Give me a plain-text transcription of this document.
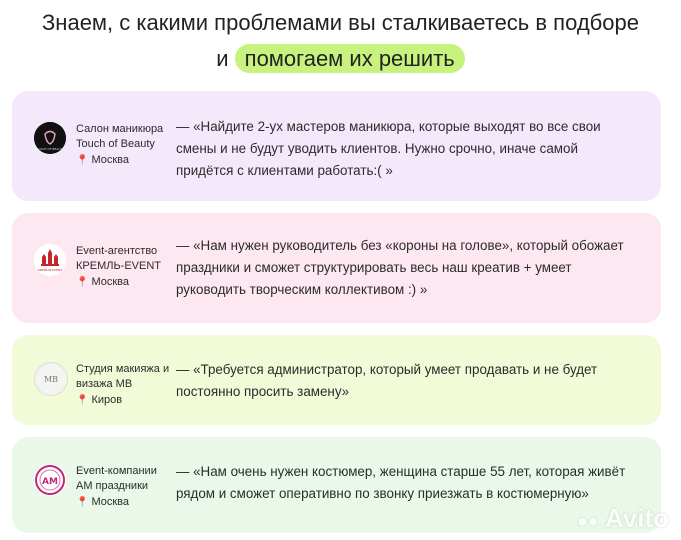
Знаем, с какими проблемами вы сталкиваетесь в подборе
и помогаем их решить
TOUCH OF BEAUTY
Салон маникюра Touch of Beauty
📍 Москва
— «Найдите 2-ух мастеров маникюра, которые выходят во все свои смены и не будут уводить клиентов. Нужно срочно, иначе самой придётся с клиентами работать:( »
KREMLIN EVENT
Event-агентство КРЕМЛЬ-EVENT
📍 Москва
— «Нам нужен руководитель без «короны на голове», который обожает праздники и сможет структурировать весь наш креатив + умеет руководить творческим коллективом :) »
MB
Студия макияжа и визажа MB
📍 Киров
— «Требуется администратор, который умеет продавать и не будет постоянно просить замену»
AM
Event-компании AM праздники
📍 Москва
— «Нам очень нужен костюмер, женщина старше 55 лет, которая живёт рядом и сможет оперативно по звонку приезжать в костюмерную»
●● Avito
